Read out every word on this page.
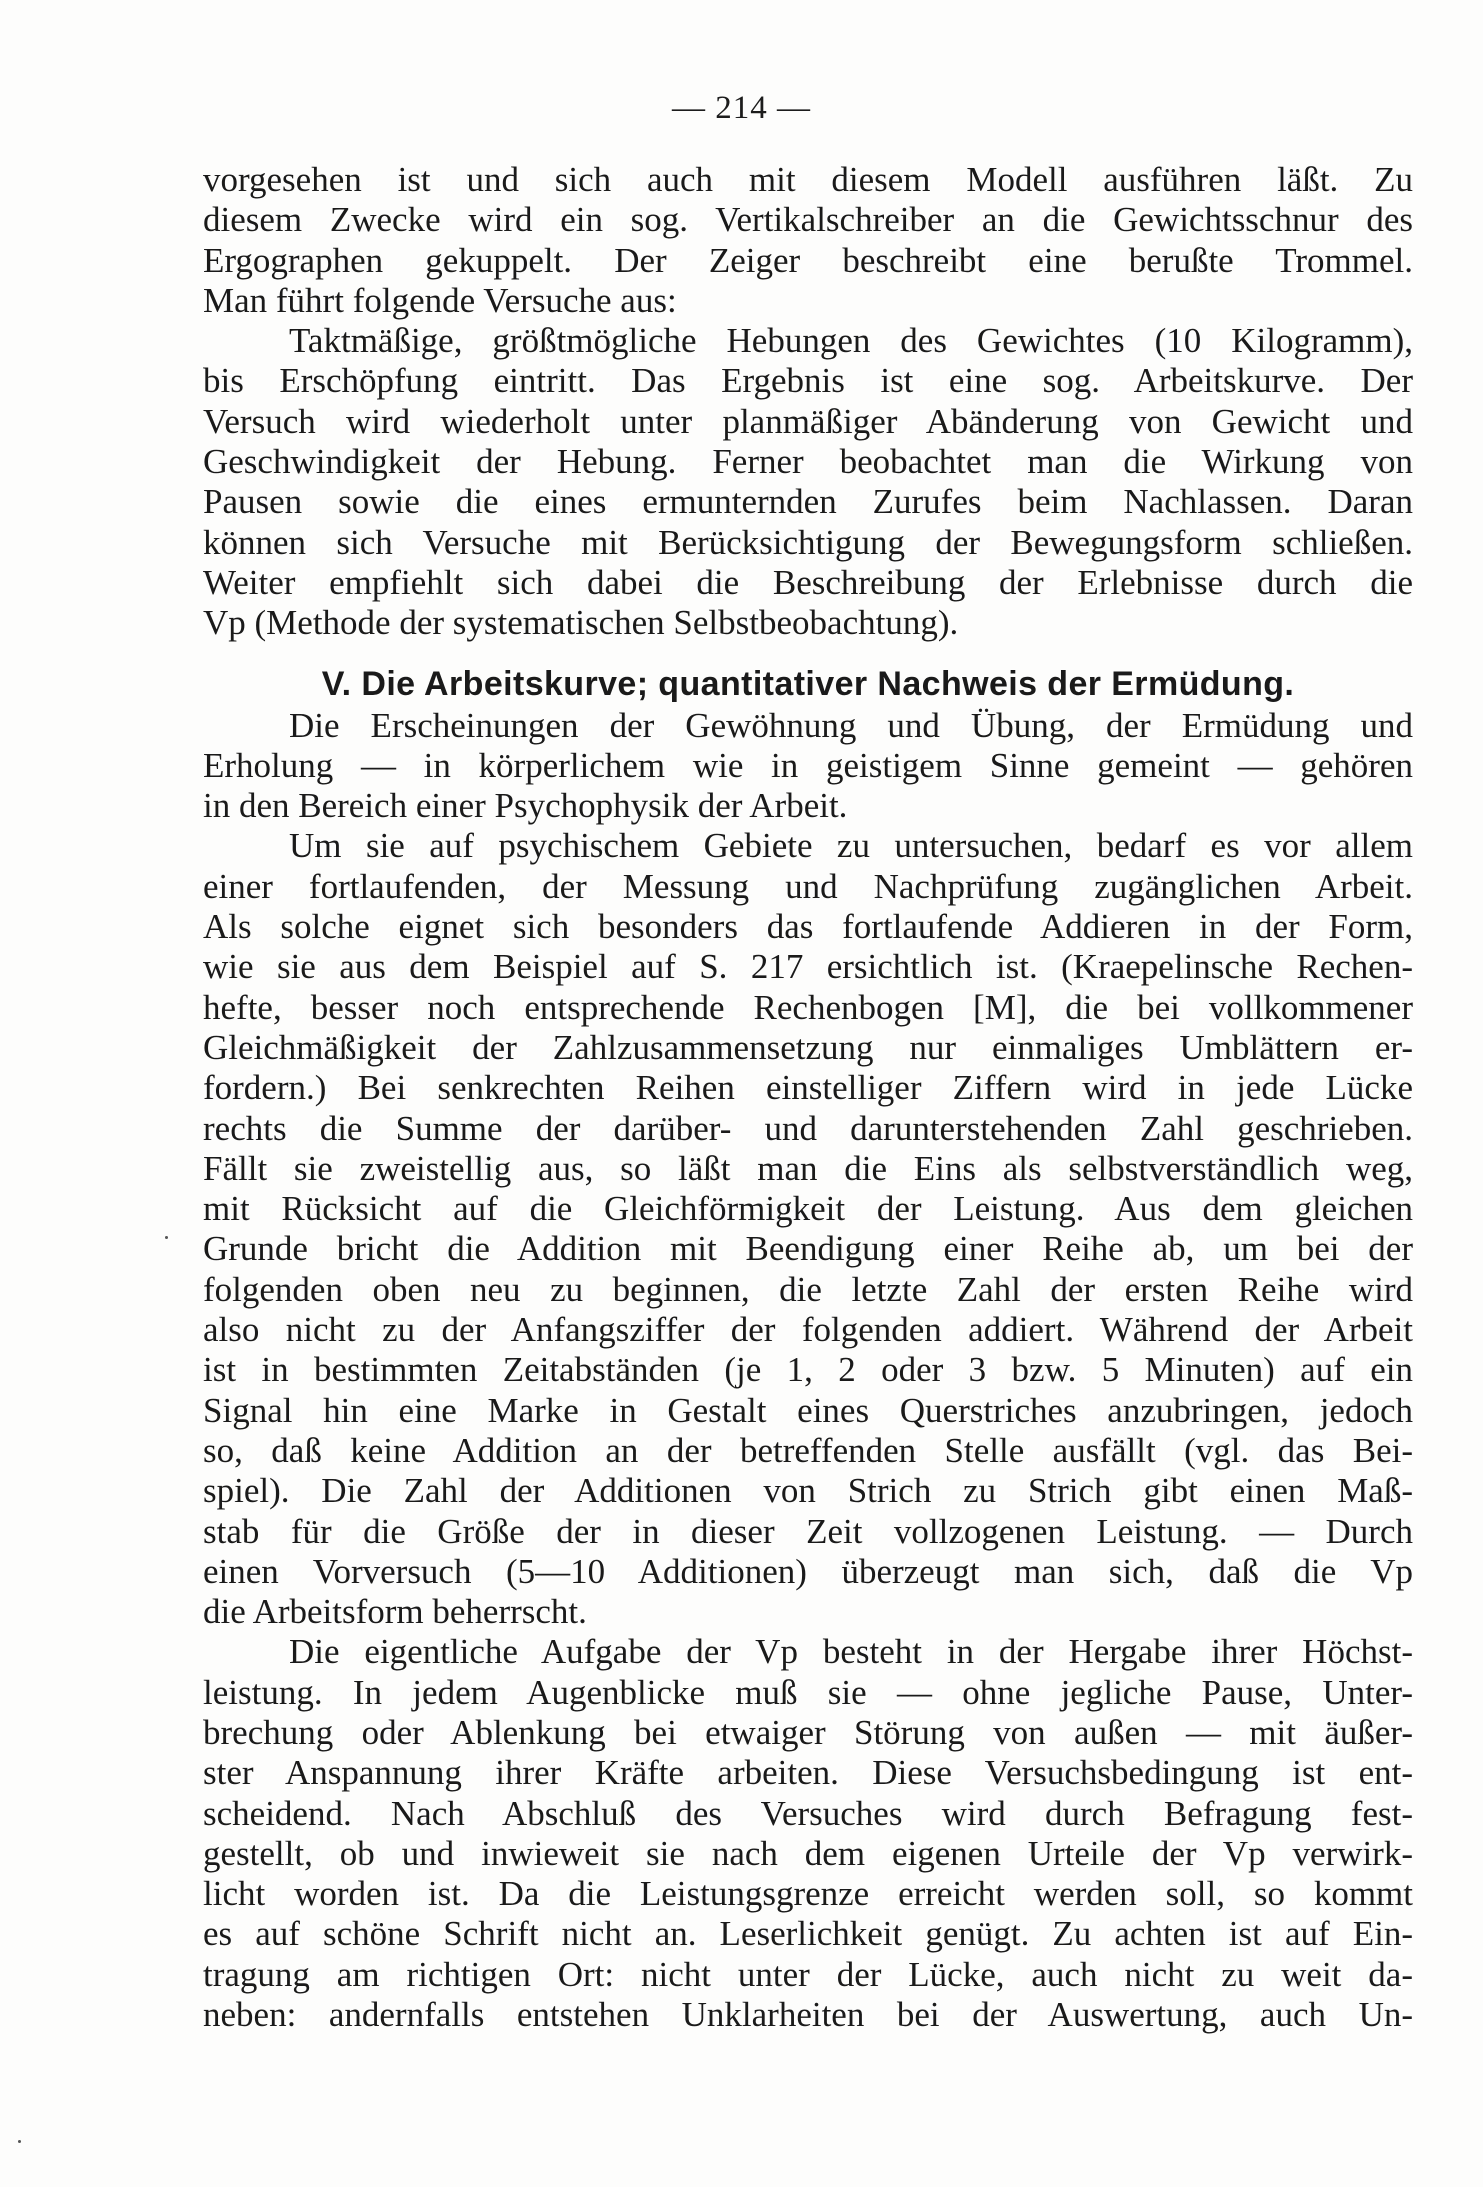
— 214 —
vorgesehen ist und sich auch mit diesem Modell ausführen läßt. Zu
diesem Zwecke wird ein sog. Vertikalschreiber an die Gewichtsschnur des
Ergographen gekuppelt. Der Zeiger beschreibt eine berußte Trommel.
Man führt folgende Versuche aus:
Taktmäßige, größtmögliche Hebungen des Gewichtes (10 Kilogramm),
bis Erschöpfung eintritt. Das Ergebnis ist eine sog. Arbeitskurve. Der
Versuch wird wiederholt unter planmäßiger Abänderung von Gewicht und
Geschwindigkeit der Hebung. Ferner beobachtet man die Wirkung von
Pausen sowie die eines ermunternden Zurufes beim Nachlassen. Daran
können sich Versuche mit Berücksichtigung der Bewegungsform schließen.
Weiter empfiehlt sich dabei die Beschreibung der Erlebnisse durch die
Vp (Methode der systematischen Selbstbeobachtung).
V. Die Arbeitskurve; quantitativer Nachweis der Ermüdung.
Die Erscheinungen der Gewöhnung und Übung, der Ermüdung und
Erholung — in körperlichem wie in geistigem Sinne gemeint — gehören
in den Bereich einer Psychophysik der Arbeit.
Um sie auf psychischem Gebiete zu untersuchen, bedarf es vor allem
einer fortlaufenden, der Messung und Nachprüfung zugänglichen Arbeit.
Als solche eignet sich besonders das fortlaufende Addieren in der Form,
wie sie aus dem Beispiel auf S. 217 ersichtlich ist. (Kraepelinsche Rechen-
hefte, besser noch entsprechende Rechenbogen [M], die bei vollkommener
Gleichmäßigkeit der Zahlzusammensetzung nur einmaliges Umblättern er-
fordern.) Bei senkrechten Reihen einstelliger Ziffern wird in jede Lücke
rechts die Summe der darüber- und darunterstehenden Zahl geschrieben.
Fällt sie zweistellig aus, so läßt man die Eins als selbstverständlich weg,
mit Rücksicht auf die Gleichförmigkeit der Leistung. Aus dem gleichen
Grunde bricht die Addition mit Beendigung einer Reihe ab, um bei der
folgenden oben neu zu beginnen, die letzte Zahl der ersten Reihe wird
also nicht zu der Anfangsziffer der folgenden addiert. Während der Arbeit
ist in bestimmten Zeitabständen (je 1, 2 oder 3 bzw. 5 Minuten) auf ein
Signal hin eine Marke in Gestalt eines Querstriches anzubringen, jedoch
so, daß keine Addition an der betreffenden Stelle ausfällt (vgl. das Bei-
spiel). Die Zahl der Additionen von Strich zu Strich gibt einen Maß-
stab für die Größe der in dieser Zeit vollzogenen Leistung. — Durch
einen Vorversuch (5—10 Additionen) überzeugt man sich, daß die Vp
die Arbeitsform beherrscht.
Die eigentliche Aufgabe der Vp besteht in der Hergabe ihrer Höchst-
leistung. In jedem Augenblicke muß sie — ohne jegliche Pause, Unter-
brechung oder Ablenkung bei etwaiger Störung von außen — mit äußer-
ster Anspannung ihrer Kräfte arbeiten. Diese Versuchsbedingung ist ent-
scheidend. Nach Abschluß des Versuches wird durch Befragung fest-
gestellt, ob und inwieweit sie nach dem eigenen Urteile der Vp verwirk-
licht worden ist. Da die Leistungsgrenze erreicht werden soll, so kommt
es auf schöne Schrift nicht an. Leserlichkeit genügt. Zu achten ist auf Ein-
tragung am richtigen Ort: nicht unter der Lücke, auch nicht zu weit da-
neben: andernfalls entstehen Unklarheiten bei der Auswertung, auch Un-
